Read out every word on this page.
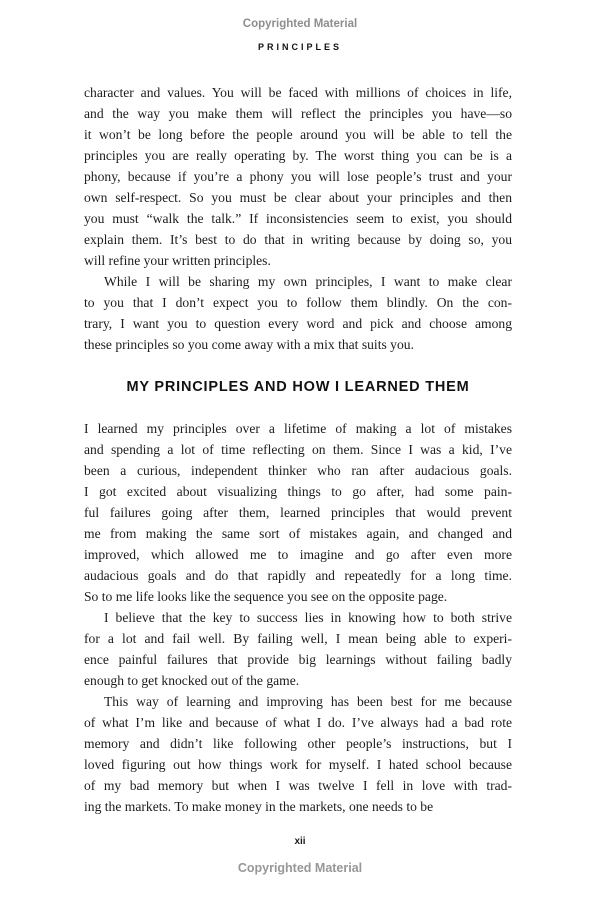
Copyrighted Material
PRINCIPLES
character and values. You will be faced with millions of choices in life,
and the way you make them will reflect the principles you have—so
it won’t be long before the people around you will be able to tell the
principles you are really operating by. The worst thing you can be is a
phony, because if you’re a phony you will lose people’s trust and your
own self-respect. So you must be clear about your principles and then
you must “walk the talk.” If inconsistencies seem to exist, you should
explain them. It’s best to do that in writing because by doing so, you
will refine your written principles.
While I will be sharing my own principles, I want to make clear
to you that I don’t expect you to follow them blindly. On the con-
trary, I want you to question every word and pick and choose among
these principles so you come away with a mix that suits you.
MY PRINCIPLES AND HOW I LEARNED THEM
I learned my principles over a lifetime of making a lot of mistakes
and spending a lot of time reflecting on them. Since I was a kid, I’ve
been a curious, independent thinker who ran after audacious goals.
I got excited about visualizing things to go after, had some pain-
ful failures going after them, learned principles that would prevent
me from making the same sort of mistakes again, and changed and
improved, which allowed me to imagine and go after even more
audacious goals and do that rapidly and repeatedly for a long time.
So to me life looks like the sequence you see on the opposite page.
I believe that the key to success lies in knowing how to both strive
for a lot and fail well. By failing well, I mean being able to experi-
ence painful failures that provide big learnings without failing badly
enough to get knocked out of the game.
This way of learning and improving has been best for me because
of what I’m like and because of what I do. I’ve always had a bad rote
memory and didn’t like following other people’s instructions, but I
loved figuring out how things work for myself. I hated school because
of my bad memory but when I was twelve I fell in love with trad-
ing the markets. To make money in the markets, one needs to be
xii
Copyrighted Material
